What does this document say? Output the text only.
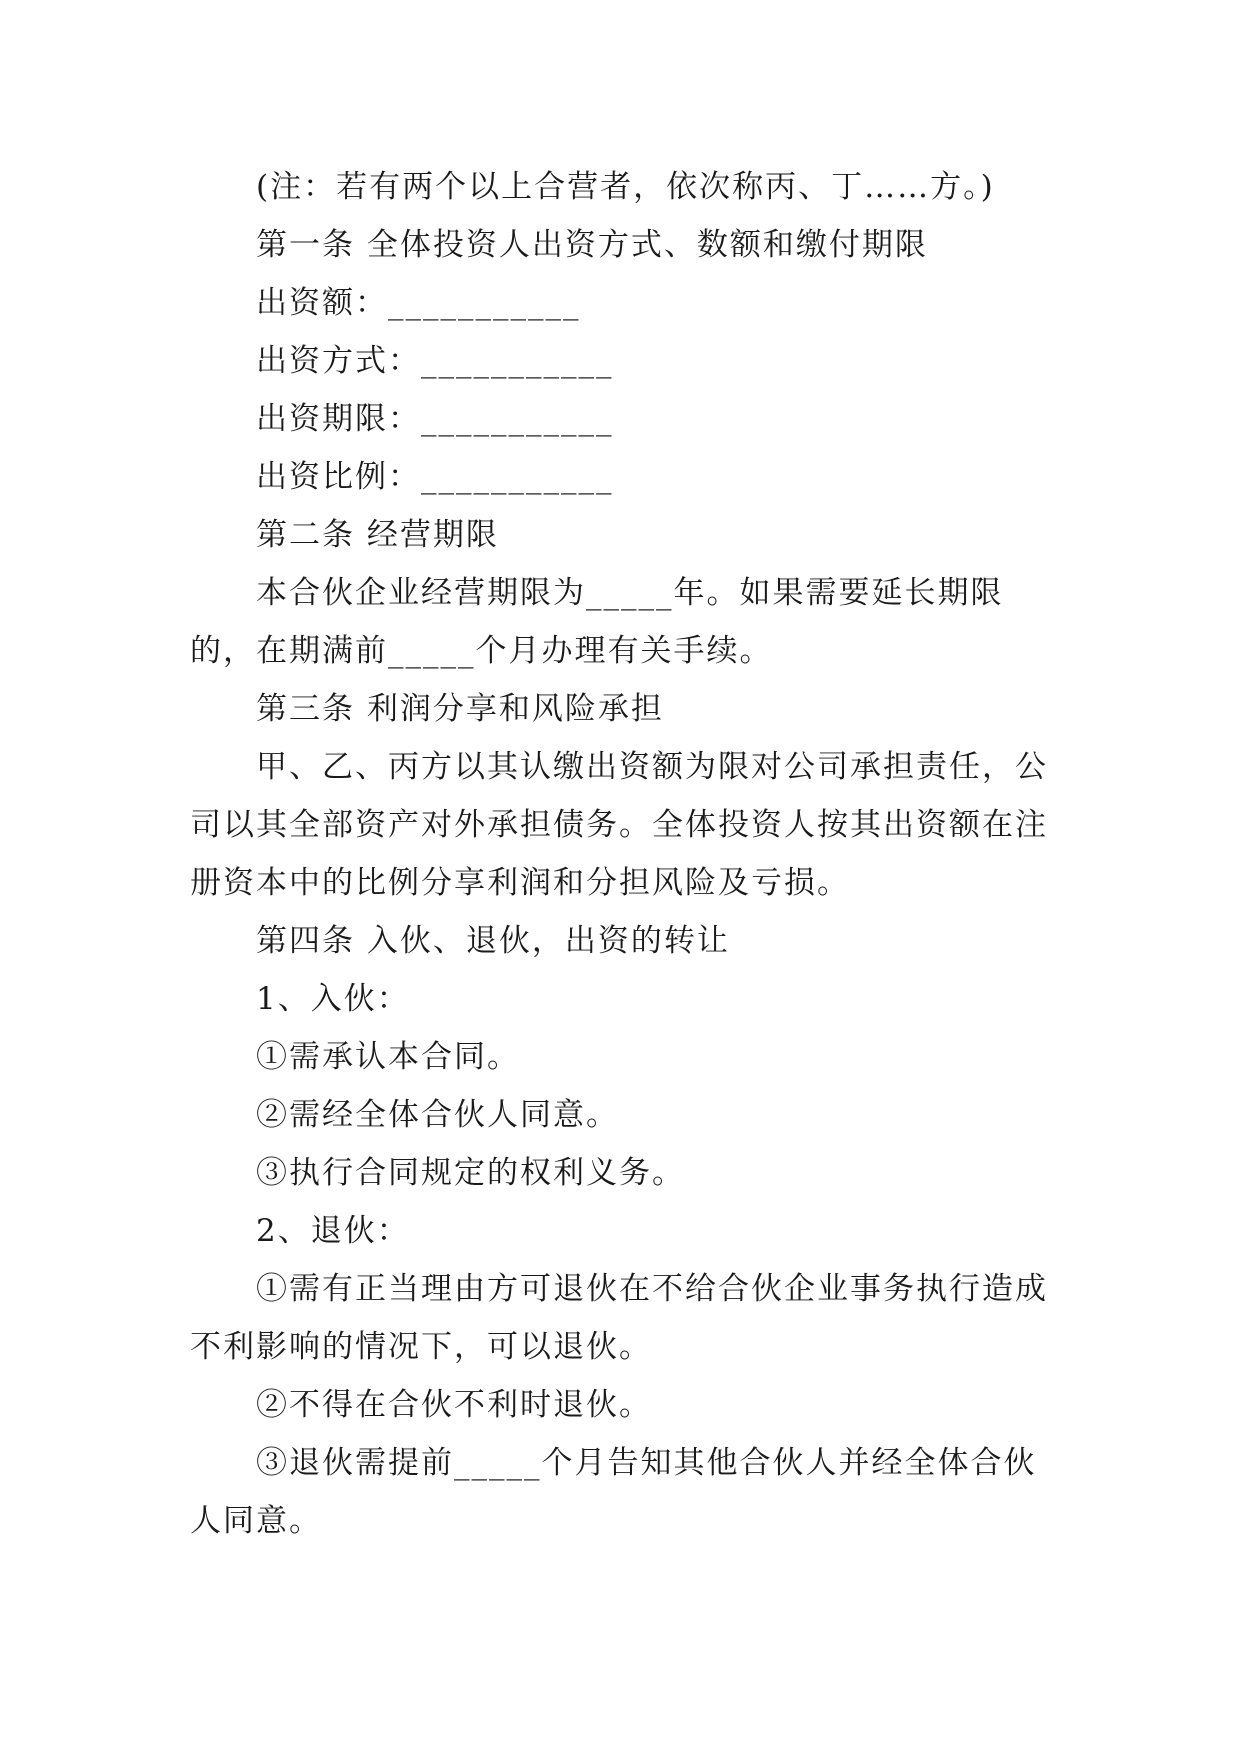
(注：若有两个以上合营者，依次称丙、丁……方。)

第一条 全体投资人出资方式、数额和缴付期限

出资额：___________

出资方式：___________

出资期限：___________

出资比例：___________

第二条 经营期限

本合伙企业经营期限为_____年。如果需要延长期限的，在期满前_____个月办理有关手续。

第三条 利润分享和风险承担

甲、乙、丙方以其认缴出资额为限对公司承担责任，公司以其全部资产对外承担债务。全体投资人按其出资额在注册资本中的比例分享利润和分担风险及亏损。

第四条 入伙、退伙，出资的转让

1、入伙：

①需承认本合同。

②需经全体合伙人同意。

③执行合同规定的权利义务。

2、退伙：

①需有正当理由方可退伙在不给合伙企业事务执行造成不利影响的情况下，可以退伙。

②不得在合伙不利时退伙。

③退伙需提前_____个月告知其他合伙人并经全体合伙人同意。
